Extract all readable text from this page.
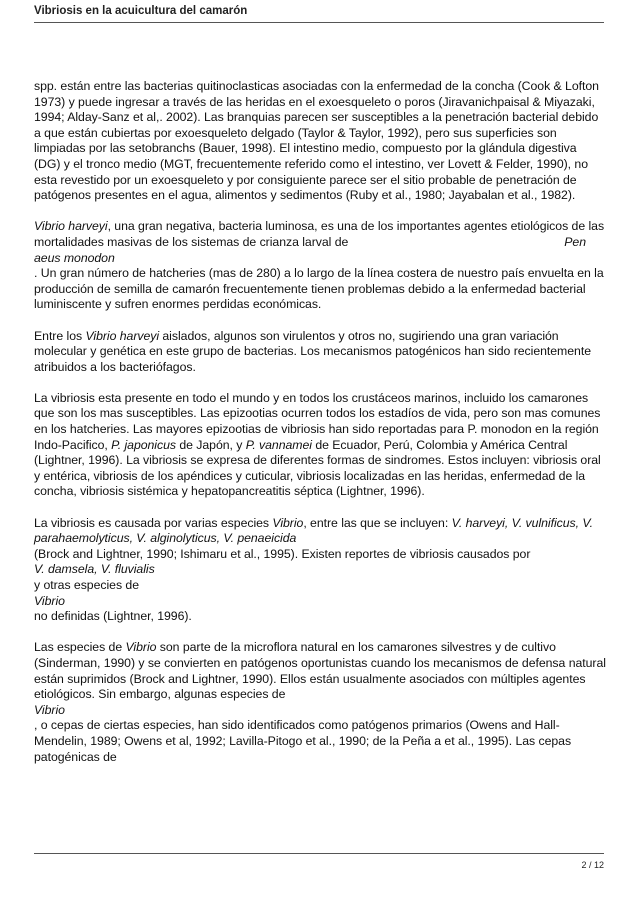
Vibriosis en la acuicultura del camarón

spp. están entre las bacterias quitinoclasticas asociadas con la enfermedad de la concha (Cook & Lofton 1973) y puede ingresar a través de las heridas en el exoesqueleto o poros (Jiravanichpaisal & Miyazaki, 1994; Alday-Sanz et al,. 2002). Las branquias parecen ser susceptibles a la penetración bacterial debido a que están cubiertas por exoesqueleto delgado (Taylor & Taylor, 1992), pero sus superficies son limpiadas por las setobranchs (Bauer, 1998). El intestino medio, compuesto por la glándula digestiva (DG) y el tronco medio (MGT, frecuentemente referido como el intestino, ver Lovett & Felder, 1990), no esta revestido por un exoesqueleto y por consiguiente parece ser el sitio probable de penetración de patógenos presentes en el agua, alimentos y sedimentos (Ruby et al., 1980; Jayabalan et al., 1982).

Vibrio harveyi, una gran negativa, bacteria luminosa, es una de los importantes agentes etiológicos de las mortalidades masivas de los sistemas de crianza larval de	Pen
aeus monodon
. Un gran número de hatcheries (mas de 280) a lo largo de la línea costera de nuestro país envuelta en la producción de semilla de camarón frecuentemente tienen problemas debido a la enfermedad bacterial luminiscente y sufren enormes perdidas económicas.

Entre los Vibrio harveyi aislados, algunos son virulentos y otros no, sugiriendo una gran variación molecular y genética en este grupo de bacterias. Los mecanismos patogénicos han sido recientemente atribuidos a los bacteriófagos.

La vibriosis esta presente en todo el mundo y en todos los crustáceos marinos, incluido los camarones que son los mas susceptibles. Las epizootias ocurren todos los estadíos de vida, pero son mas comunes en los hatcheries. Las mayores epizootias de vibriosis han sido reportadas para P. monodon en la región Indo-Pacifico, P. japonicus de Japón, y P. vannamei de Ecuador, Perú, Colombia y América Central (Lightner, 1996). La vibriosis se expresa de diferentes formas de sindromes. Estos incluyen: vibriosis oral y entérica, vibriosis de los apéndices y cuticular, vibriosis localizadas en las heridas, enfermedad de la concha, vibriosis sistémica y hepatopancreatitis séptica (Lightner, 1996).

La vibriosis es causada por varias especies Vibrio, entre las que se incluyen: V. harveyi, V. vulnificus, V. parahaemolyticus, V. alginolyticus, V. penaeicida
(Brock and Lightner, 1990; Ishimaru et al., 1995). Existen reportes de vibriosis causados por
V. damsela, V. fluvialis
y otras especies de
Vibrio
no definidas (Lightner, 1996).

Las especies de Vibrio son parte de la microflora natural en los camarones silvestres y de cultivo (Sinderman, 1990) y se convierten en patógenos oportunistas cuando los mecanismos de defensa natural están suprimidos (Brock and Lightner, 1990). Ellos están usualmente asociados con múltiples agentes etiológicos. Sin embargo, algunas especies de
Vibrio
, o cepas de ciertas especies, han sido identificados como patógenos primarios (Owens and Hall-Mendelin, 1989; Owens et al, 1992; Lavilla-Pitogo et al., 1990; de la Peña a et al., 1995). Las cepas patogénicas de

2 / 12
